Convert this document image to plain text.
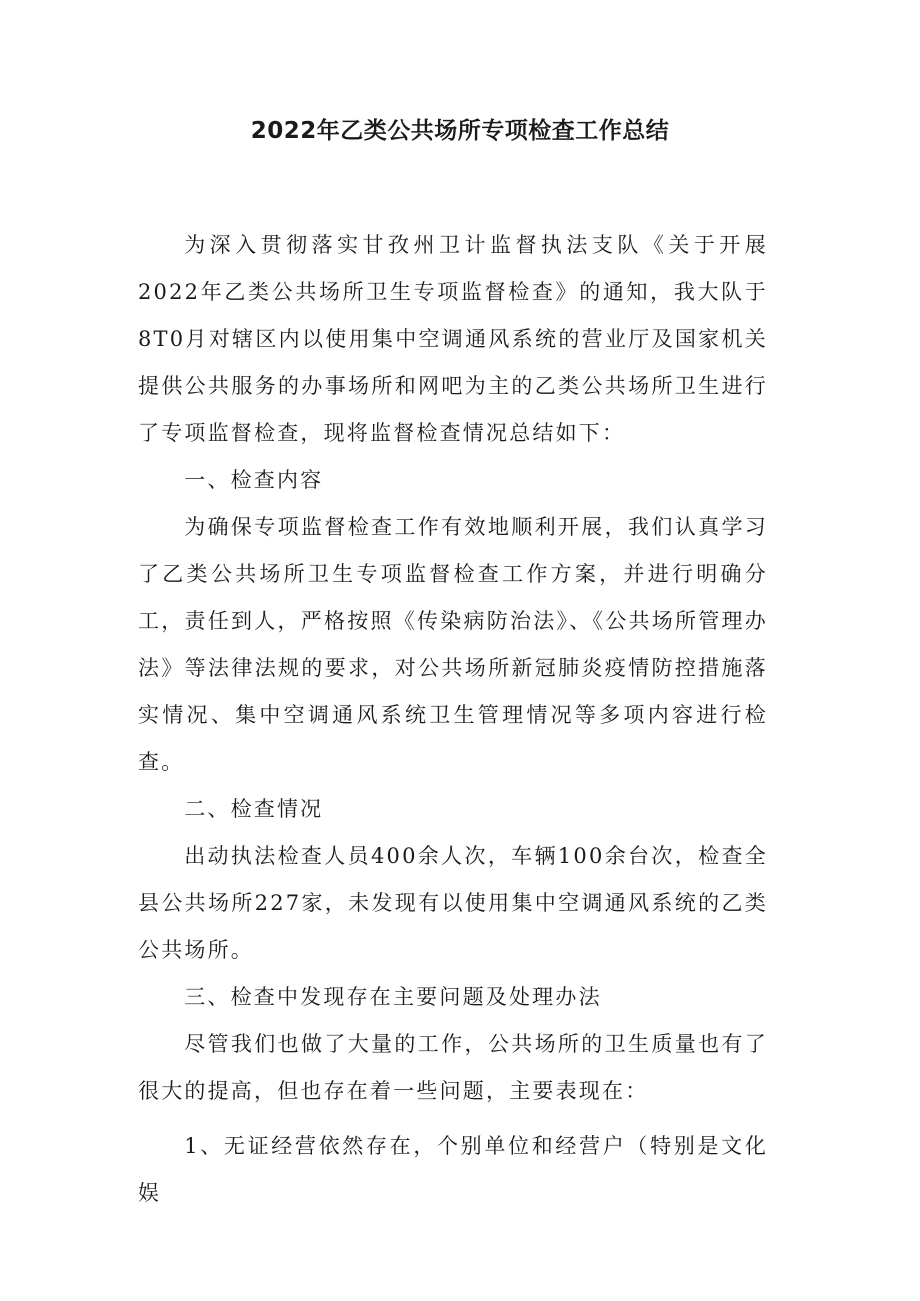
2022年乙类公共场所专项检查工作总结

为深入贯彻落实甘孜州卫计监督执法支队《关于开展2022年乙类公共场所卫生专项监督检查》的通知，我大队于8T0月对辖区内以使用集中空调通风系统的营业厅及国家机关提供公共服务的办事场所和网吧为主的乙类公共场所卫生进行了专项监督检查，现将监督检查情况总结如下：

一、检查内容

为确保专项监督检查工作有效地顺利开展，我们认真学习了乙类公共场所卫生专项监督检查工作方案，并进行明确分工，责任到人，严格按照《传染病防治法》、《公共场所管理办法》等法律法规的要求，对公共场所新冠肺炎疫情防控措施落实情况、集中空调通风系统卫生管理情况等多项内容进行检查。

二、检查情况

出动执法检查人员400余人次，车辆100余台次，检查全县公共场所227家，未发现有以使用集中空调通风系统的乙类公共场所。

三、检查中发现存在主要问题及处理办法

尽管我们也做了大量的工作，公共场所的卫生质量也有了很大的提高，但也存在着一些问题，主要表现在：

1、无证经营依然存在，个别单位和经营户（特别是文化娱
